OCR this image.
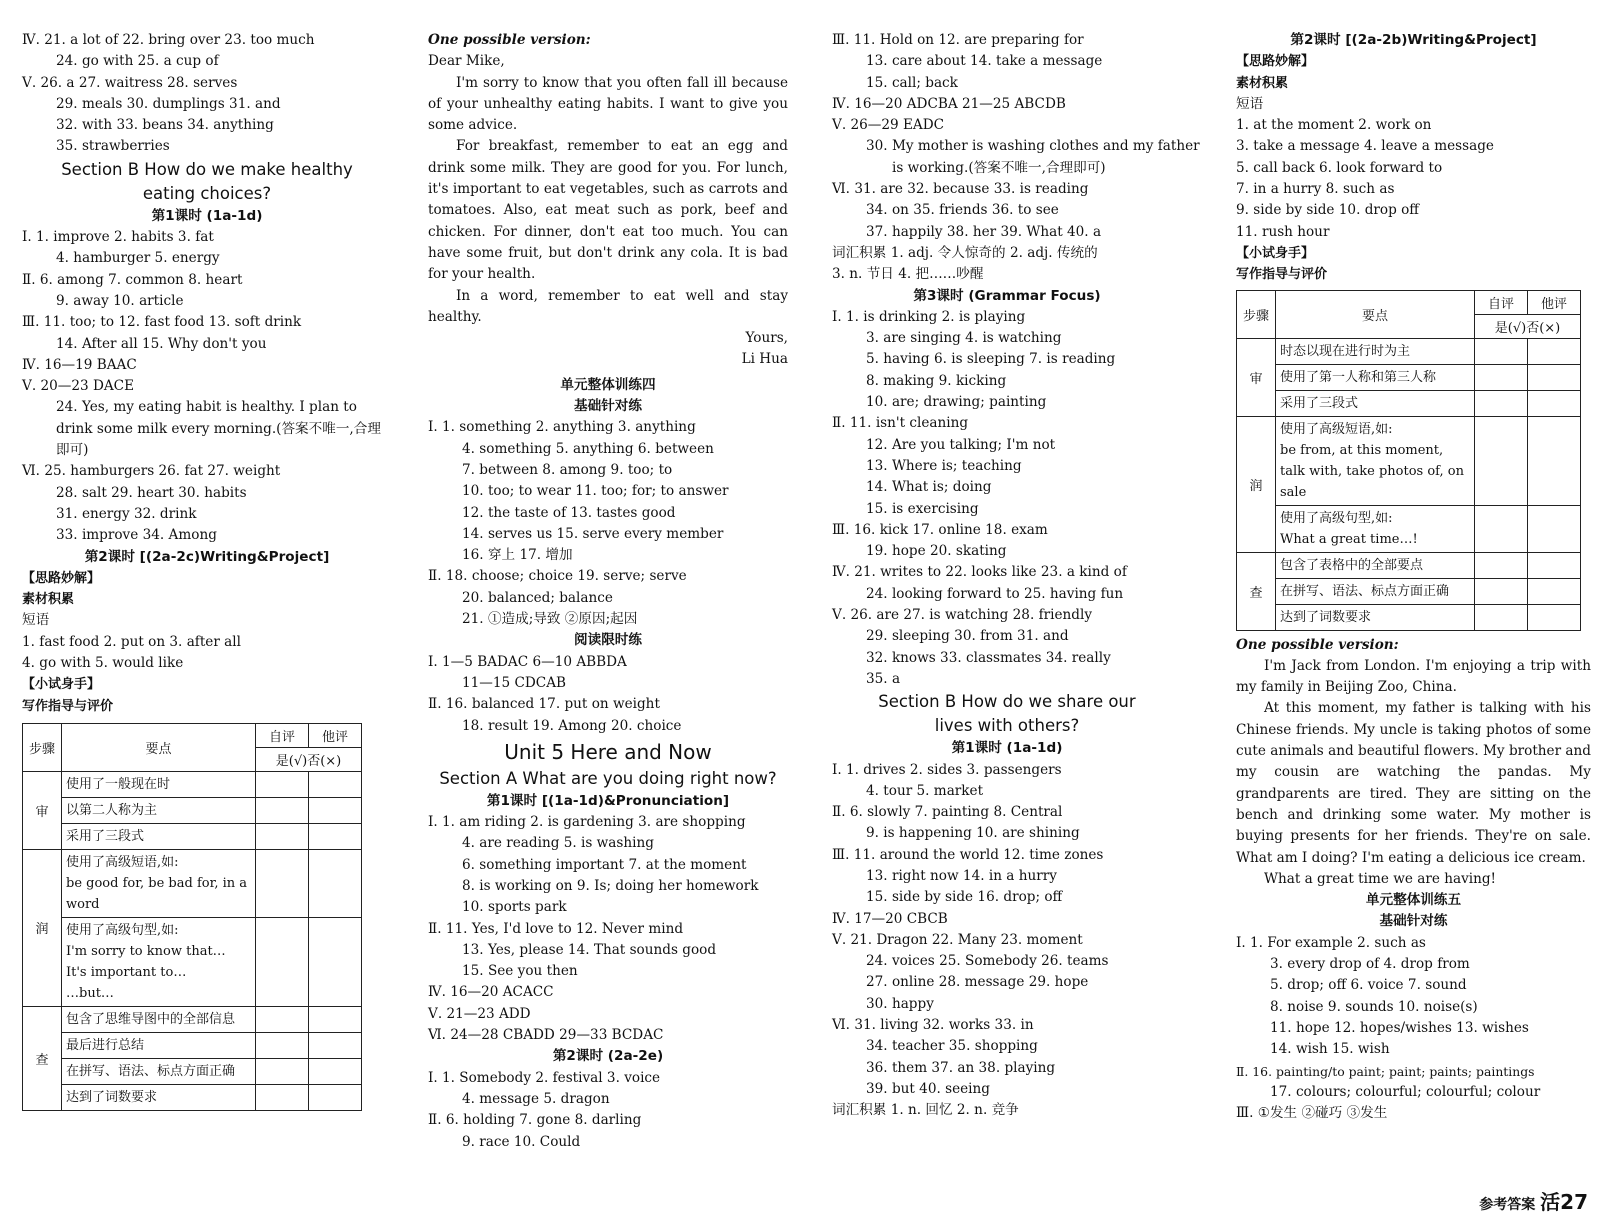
Ⅳ. 21. a lot of 22. bring over 23. too much
24. go with 25. a cup of
Ⅴ. 26. a 27. waitress 28. serves
29. meals 30. dumplings 31. and
32. with 33. beans 34. anything
35. strawberries
Section B How do we make healthy
eating choices?
第1课时 (1a-1d)
Ⅰ. 1. improve 2. habits 3. fat
4. hamburger 5. energy
Ⅱ. 6. among 7. common 8. heart
9. away 10. article
Ⅲ. 11. too; to 12. fast food 13. soft drink
14. After all 15. Why don't you
Ⅳ. 16—19 BAAC
Ⅴ. 20—23 DACE
24. Yes, my eating habit is healthy. I plan to drink some milk every morning.(答案不唯一,合理即可)
Ⅵ. 25. hamburgers 26. fat 27. weight
28. salt 29. heart 30. habits
31. energy 32. drink
33. improve 34. Among
第2课时 [(2a-2c)Writing&Project]
【思路妙解】
素材积累
短语
1. fast food 2. put on 3. after all
4. go with 5. would like
【小试身手】
写作指导与评价
步骤	要点	自评	他评
		是(√)否(×)	
审	使用了一般现在时		
	以第二人称为主		
	采用了三段式		
润	使用了高级短语,如:
be good for, be bad for, in a word		
	使用了高级句型,如:
I'm sorry to know that…
It's important to…
…but…		
查	包含了思维导图中的全部信息		
	最后进行总结		
	在拼写、语法、标点方面正确		
	达到了词数要求		
One possible version:
Dear Mike,
I'm sorry to know that you often fall ill because of your unhealthy eating habits. I want to give you some advice.
For breakfast, remember to eat an egg and drink some milk. They are good for you. For lunch, it's important to eat vegetables, such as carrots and tomatoes. Also, eat meat such as pork, beef and chicken. For dinner, don't eat too much. You can have some fruit, but don't drink any cola. It is bad for your health.
In a word, remember to eat well and stay healthy.
Yours,
Li Hua
单元整体训练四
基础针对练
Ⅰ. 1. something 2. anything 3. anything
4. something 5. anything 6. between
7. between 8. among 9. too; to
10. too; to wear 11. too; for; to answer
12. the taste of 13. tastes good
14. serves us 15. serve every member
16. 穿上 17. 增加
Ⅱ. 18. choose; choice 19. serve; serve
20. balanced; balance
21. ①造成;导致 ②原因;起因
阅读限时练
Ⅰ. 1—5 BADAC 6—10 ABBDA
11—15 CDCAB
Ⅱ. 16. balanced 17. put on weight
18. result 19. Among 20. choice
Unit 5 Here and Now
Section A What are you doing right now?
第1课时 [(1a-1d)&Pronunciation]
Ⅰ. 1. am riding 2. is gardening 3. are shopping
4. are reading 5. is washing
6. something important 7. at the moment
8. is working on 9. Is; doing her homework
10. sports park
Ⅱ. 11. Yes, I'd love to 12. Never mind
13. Yes, please 14. That sounds good
15. See you then
Ⅳ. 16—20 ACACC
Ⅴ. 21—23 ADD
Ⅵ. 24—28 CBADD 29—33 BCDAC
第2课时 (2a-2e)
Ⅰ. 1. Somebody 2. festival 3. voice
4. message 5. dragon
Ⅱ. 6. holding 7. gone 8. darling
9. race 10. Could
Ⅲ. 11. Hold on 12. are preparing for
13. care about 14. take a message
15. call; back
Ⅳ. 16—20 ADCBA 21—25 ABCDB
Ⅴ. 26—29 EADC
30. My mother is washing clothes and my father
is working.(答案不唯一,合理即可)
Ⅵ. 31. are 32. because 33. is reading
34. on 35. friends 36. to see
37. happily 38. her 39. What 40. a
词汇积累 1. adj. 令人惊奇的 2. adj. 传统的
3. n. 节日 4. 把……吵醒
第3课时 (Grammar Focus)
Ⅰ. 1. is drinking 2. is playing
3. are singing 4. is watching
5. having 6. is sleeping 7. is reading
8. making 9. kicking
10. are; drawing; painting
Ⅱ. 11. isn't cleaning
12. Are you talking; I'm not
13. Where is; teaching
14. What is; doing
15. is exercising
Ⅲ. 16. kick 17. online 18. exam
19. hope 20. skating
Ⅳ. 21. writes to 22. looks like 23. a kind of
24. looking forward to 25. having fun
Ⅴ. 26. are 27. is watching 28. friendly
29. sleeping 30. from 31. and
32. knows 33. classmates 34. really
35. a
Section B How do we share our
lives with others?
第1课时 (1a-1d)
Ⅰ. 1. drives 2. sides 3. passengers
4. tour 5. market
Ⅱ. 6. slowly 7. painting 8. Central
9. is happening 10. are shining
Ⅲ. 11. around the world 12. time zones
13. right now 14. in a hurry
15. side by side 16. drop; off
Ⅳ. 17—20 CBCB
Ⅴ. 21. Dragon 22. Many 23. moment
24. voices 25. Somebody 26. teams
27. online 28. message 29. hope
30. happy
Ⅵ. 31. living 32. works 33. in
34. teacher 35. shopping
36. them 37. an 38. playing
39. but 40. seeing
词汇积累 1. n. 回忆 2. n. 竞争
第2课时 [(2a-2b)Writing&Project]
【思路妙解】
素材积累
短语
1. at the moment 2. work on
3. take a message 4. leave a message
5. call back 6. look forward to
7. in a hurry 8. such as
9. side by side 10. drop off
11. rush hour
【小试身手】
写作指导与评价
步骤	要点	自评	他评
		是(√)否(×)	
审	时态以现在进行时为主		
	使用了第一人称和第三人称		
	采用了三段式		
润	使用了高级短语,如:
be from, at this moment, talk with, take photos of, on sale		
	使用了高级句型,如:
What a great time…!		
查	包含了表格中的全部要点		
	在拼写、语法、标点方面正确		
	达到了词数要求		
One possible version:
I'm Jack from London. I'm enjoying a trip with my family in Beijing Zoo, China.
At this moment, my father is talking with his Chinese friends. My uncle is taking photos of some cute animals and beautiful flowers. My brother and my cousin are watching the pandas. My grandparents are tired. They are sitting on the bench and drinking some water. My mother is buying presents for her friends. They're on sale. What am I doing? I'm eating a delicious ice cream.
What a great time we are having!
单元整体训练五
基础针对练
Ⅰ. 1. For example 2. such as
3. every drop of 4. drop from
5. drop; off 6. voice 7. sound
8. noise 9. sounds 10. noise(s)
11. hope 12. hopes/wishes 13. wishes
14. wish 15. wish
Ⅱ. 16. painting/to paint; paint; paints; paintings
17. colours; colourful; colourful; colour
Ⅲ. ①发生 ②碰巧 ③发生
参考答案 活27
